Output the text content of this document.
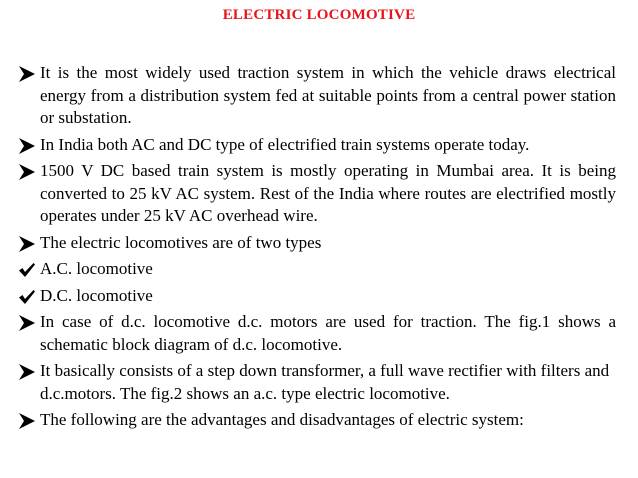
ELECTRIC LOCOMOTIVE
It is the most widely used traction system in which the vehicle draws electrical energy from a distribution system fed at suitable points from a central power station or substation.
In India both AC and DC type of electrified train systems operate today.
1500 V DC based train system is mostly operating in Mumbai area. It is being converted to 25 kV AC system. Rest of the India where routes are electrified mostly operates under 25 kV AC overhead wire.
The electric locomotives are of two types
A.C. locomotive
D.C. locomotive
In case of d.c. locomotive d.c. motors are used for traction. The fig.1 shows a schematic block diagram of d.c. locomotive.
It basically consists of a step down transformer, a full wave rectifier with filters and d.c.motors. The fig.2 shows an a.c. type electric locomotive.
The following are the advantages and disadvantages of electric system:
